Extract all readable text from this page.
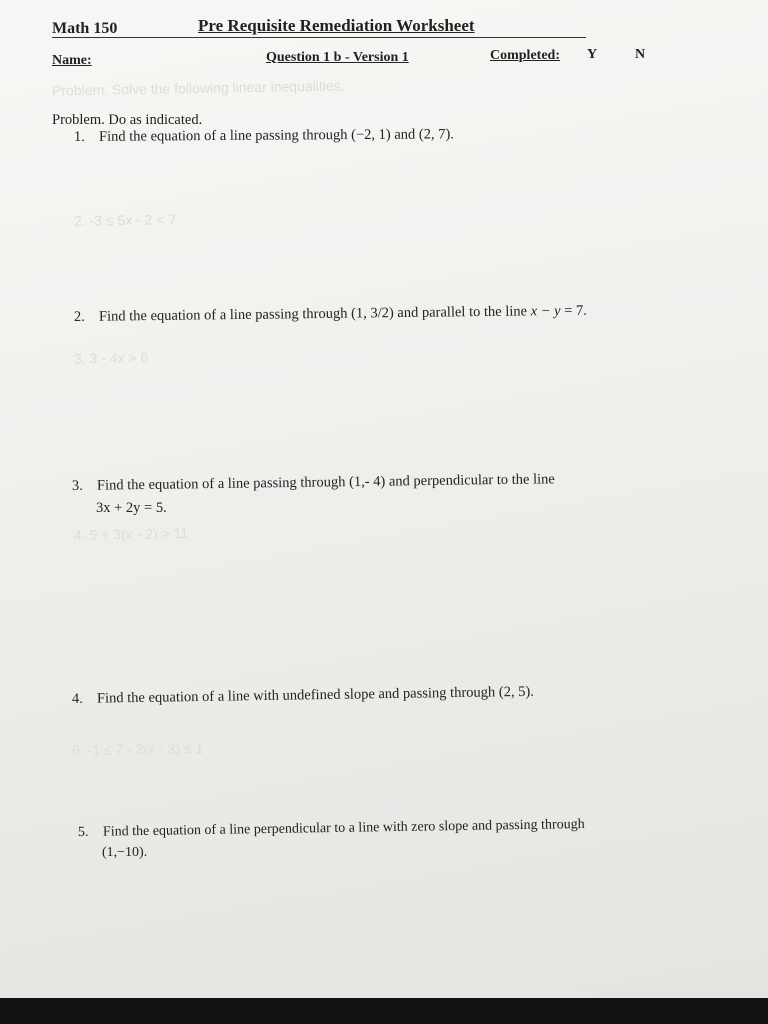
Math 150	Pre Requisite Remediation Worksheet
Name:	Question 1 b - Version 1	Completed: Y	N
Problem. Solve the following linear inequalities.
2. -3 ≤ 5x - 2 < 7
3. 3 - 4x > 6
4. 5 + 3(x - 2) > 11
6. -1 ≤ 7 - 2(x - 3) ≤ 1
Problem. Do as indicated.
1. Find the equation of a line passing through (−2, 1) and (2, 7).
2. Find the equation of a line passing through (1, 3/2) and parallel to the line x − y = 7.
3. Find the equation of a line passing through (1,- 4) and perpendicular to the line
3x + 2y = 5.
4. Find the equation of a line with undefined slope and passing through (2, 5).
5. Find the equation of a line perpendicular to a line with zero slope and passing through
(1,−10).
